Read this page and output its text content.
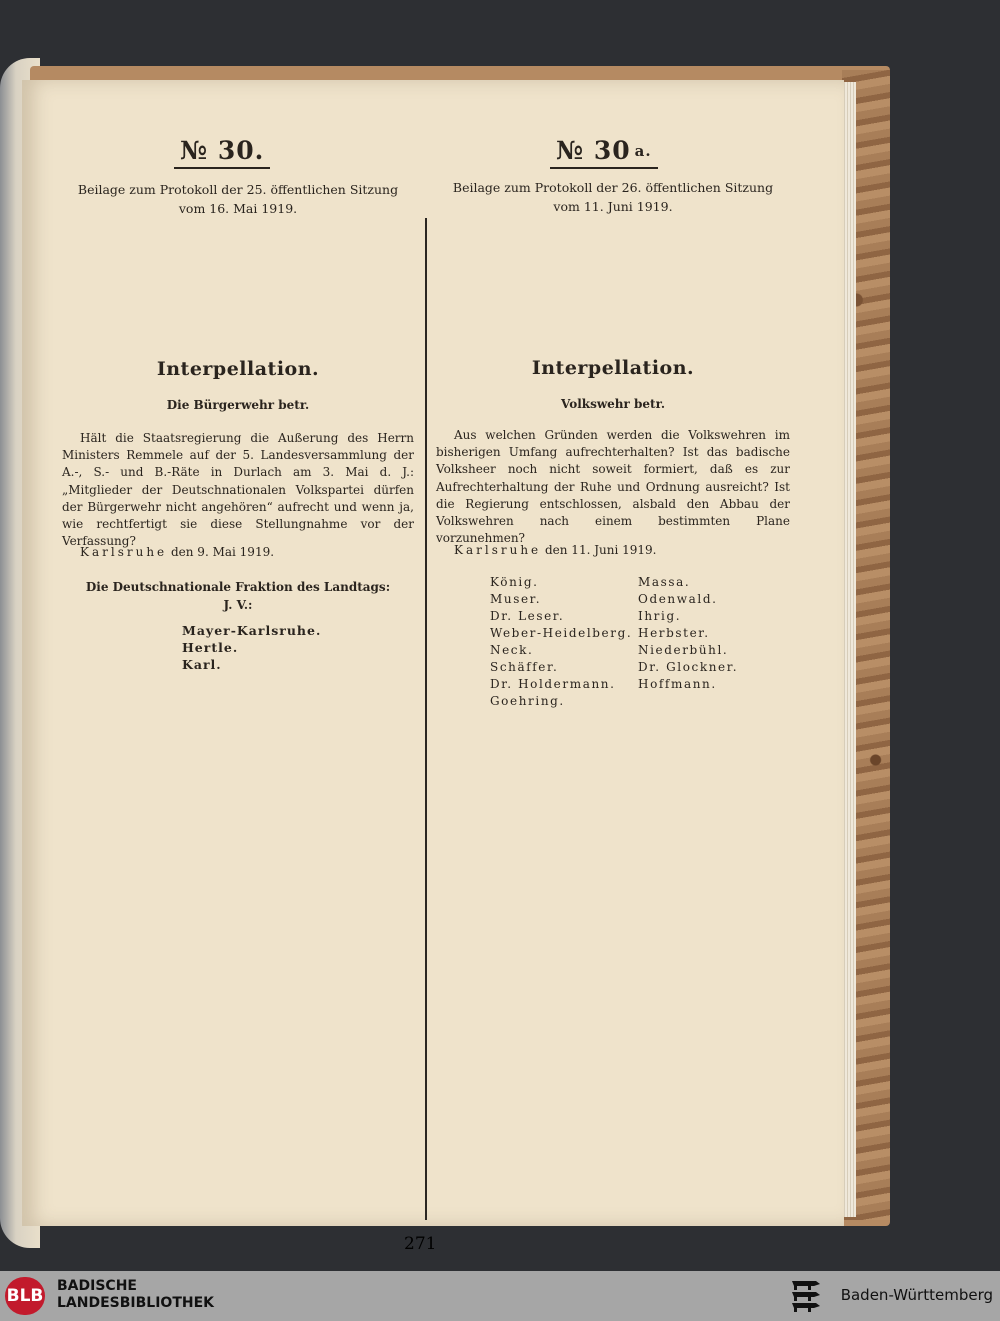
№ 30.
Beilage zum Protokoll der 25. öffentlichen Sitzung
vom 16. Mai 1919.
Interpellation.
Die Bürgerwehr betr.
Hält die Staatsregierung die Außerung des Herrn Ministers Remmele auf der 5. Landesversammlung der A.-, S.- und B.-Räte in Durlach am 3. Mai d. J.: „Mitglieder der Deutschnationalen Volkspartei dürfen der Bürgerwehr nicht angehören“ aufrecht und wenn ja, wie rechtfertigt sie diese Stellungnahme vor der Verfassung?
Karlsruhe den 9. Mai 1919.
Die Deutschnationale Fraktion des Landtags:
J. V.:
Mayer-Karlsruhe.
Hertle.
Karl.
№ 30 $^{a.}$
Beilage zum Protokoll der 26. öffentlichen Sitzung
vom 11. Juni 1919.
Interpellation.
Volkswehr betr.
Aus welchen Gründen werden die Volkswehren im bisherigen Umfang aufrechterhalten? Ist das badische Volksheer noch nicht soweit formiert, daß es zur Aufrechterhaltung der Ruhe und Ordnung ausreicht? Ist die Regierung entschlossen, alsbald den Abbau der Volkswehren nach einem bestimmten Plane vorzunehmen?
Karlsruhe den 11. Juni 1919.
König.
Muser.
Dr. Leser.
Weber-Heidelberg.
Neck.
Schäffer.
Dr. Holdermann.
Goehring.
Massa.
Odenwald.
Ihrig.
Herbster.
Niederbühl.
Dr. Glockner.
Hoffmann.
271
BLB BADISCHE
LANDESBIBLIOTHEK	Baden-Württemberg
